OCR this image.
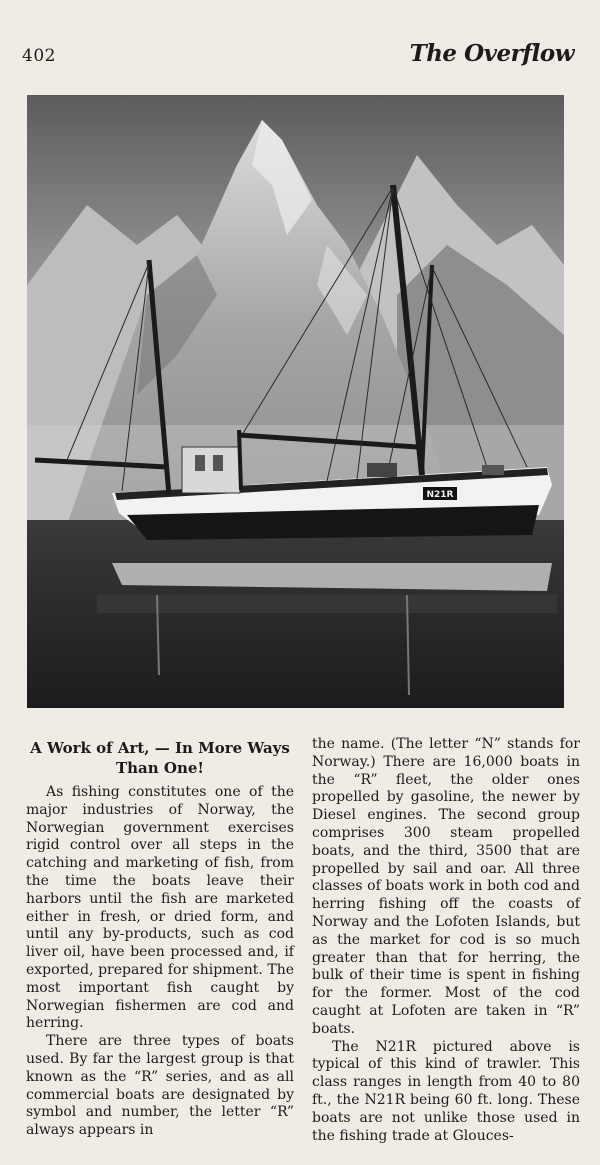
402	The Overflow
N21R
A Work of Art, — In More Ways
Than One!

As fishing constitutes one of the major industries of Norway, the Norwegian government exercises rigid control over all steps in the catching and marketing of fish, from the time the boats leave their harbors until the fish are marketed either in fresh, or dried form, and until any by-products, such as cod liver oil, have been processed and, if exported, prepared for shipment. The most important fish caught by Norwegian fishermen are cod and herring.

There are three types of boats used. By far the largest group is that known as the “R” series, and as all commercial boats are designated by symbol and number, the letter “R” always appears in

the name. (The letter “N” stands for Norway.) There are 16,000 boats in the “R” fleet, the older ones propelled by gasoline, the newer by Diesel engines. The second group comprises 300 steam propelled boats, and the third, 3500 that are propelled by sail and oar. All three classes of boats work in both cod and herring fishing off the coasts of Norway and the Lofoten Islands, but as the market for cod is so much greater than that for herring, the bulk of their time is spent in fishing for the former. Most of the cod caught at Lofoten are taken in “R” boats.

The N21R pictured above is typical of this kind of trawler. This class ranges in length from 40 to 80 ft., the N21R being 60 ft. long. These boats are not unlike those used in the fishing trade at Glouces-
